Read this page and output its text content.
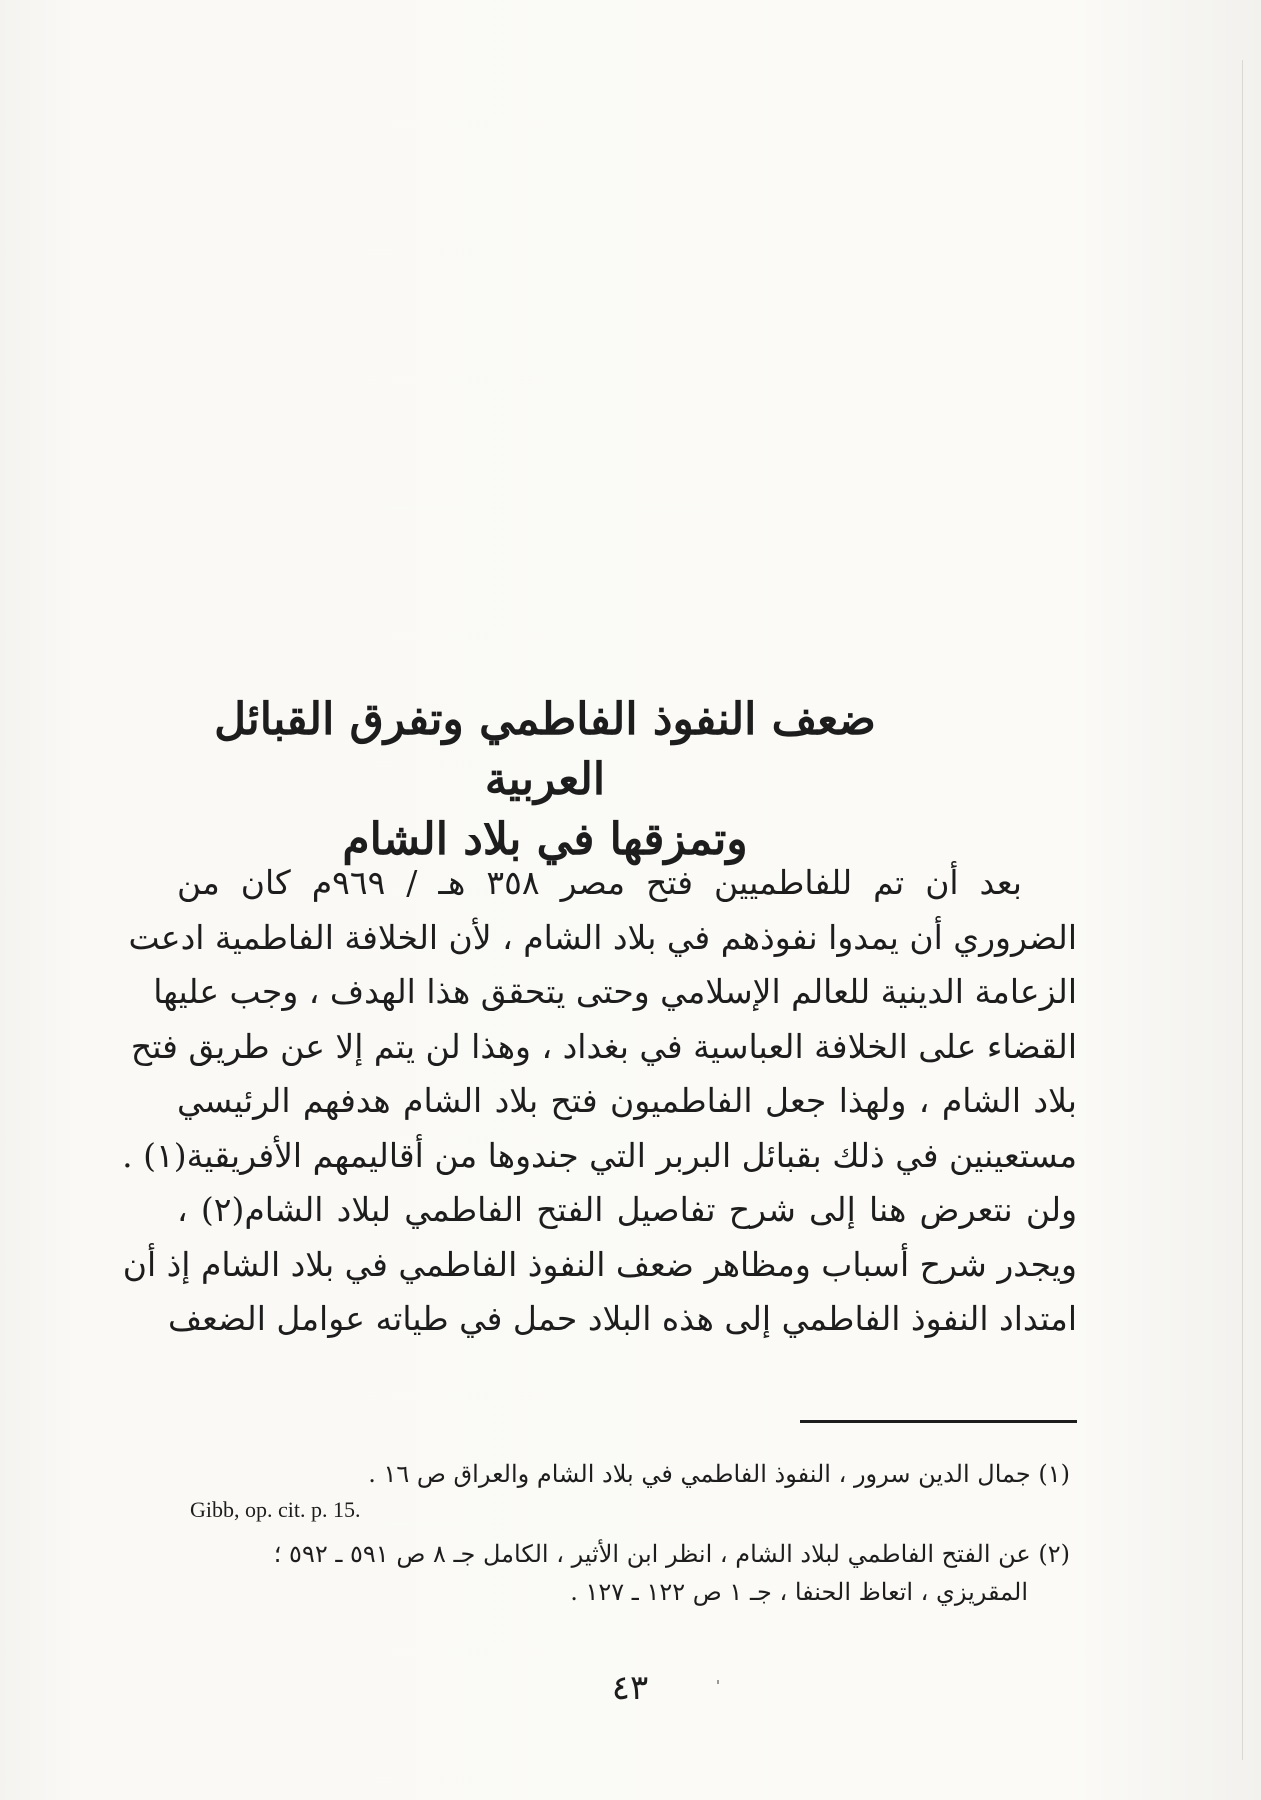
ضعف النفوذ الفاطمي وتفرق القبائل العربية
وتمزقها في بلاد الشام
بعد أن تم للفاطميين فتح مصر ٣٥٨ هـ / ٩٦٩م كان من
الضروري أن يمدوا نفوذهم في بلاد الشام ، لأن الخلافة الفاطمية ادعت
الزعامة الدينية للعالم الإسلامي وحتى يتحقق هذا الهدف ، وجب عليها
القضاء على الخلافة العباسية في بغداد ، وهذا لن يتم إلا عن طريق فتح
بلاد الشام ، ولهذا جعل الفاطميون فتح بلاد الشام هدفهم الرئيسي
مستعينين في ذلك بقبائل البربر التي جندوها من أقاليمهم الأفريقية(١) .
ولن نتعرض هنا إلى شرح تفاصيل الفتح الفاطمي لبلاد الشام(٢) ،
ويجدر شرح أسباب ومظاهر ضعف النفوذ الفاطمي في بلاد الشام إذ أن
امتداد النفوذ الفاطمي إلى هذه البلاد حمل في طياته عوامل الضعف
(١) جمال الدين سرور ، النفوذ الفاطمي في بلاد الشام والعراق ص ١٦ .
Gibb, op. cit. p. 15.
(٢) عن الفتح الفاطمي لبلاد الشام ، انظر ابن الأثير ، الكامل جـ ٨ ص ٥٩١ ـ ٥٩٢ ؛
المقريزي ، اتعاظ الحنفا ، جـ ١ ص ١٢٢ ـ ١٢٧ .
٤٣
